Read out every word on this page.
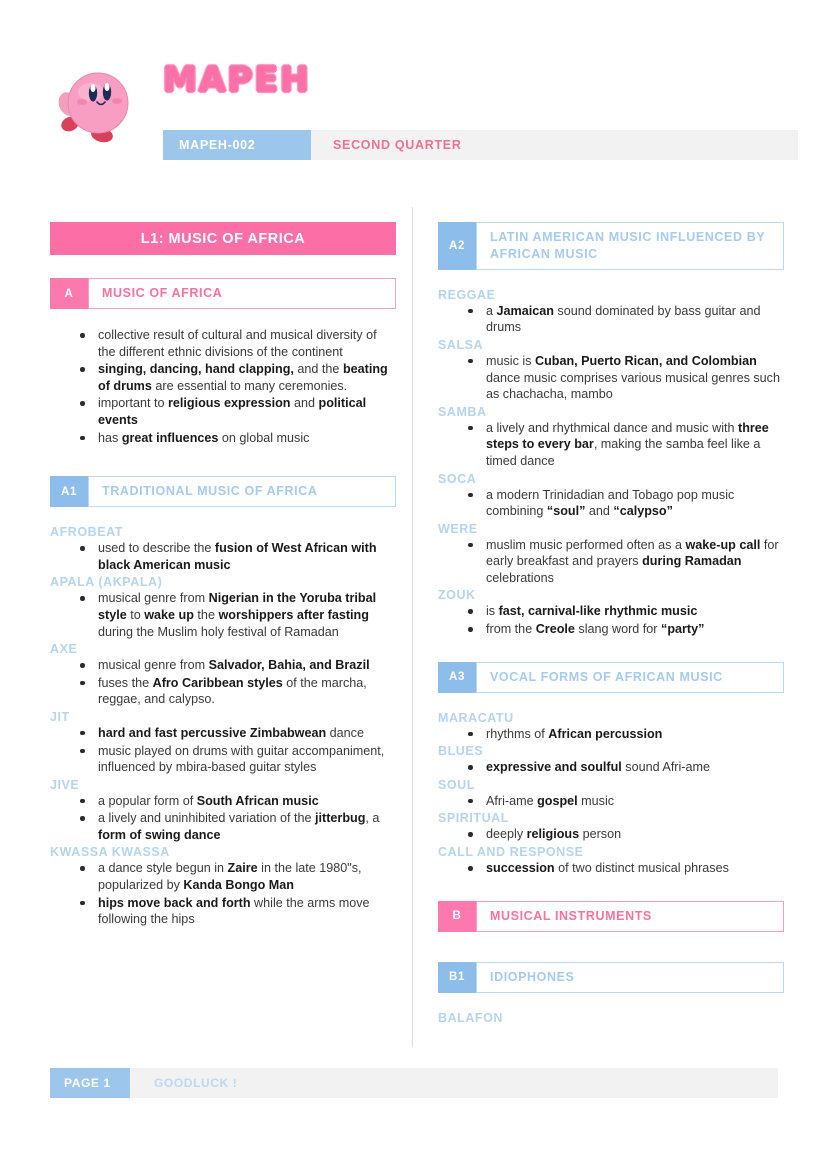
MAPEH
MAPEH-002	SECOND QUARTER
L1: MUSIC OF AFRICA
A	MUSIC OF AFRICA
collective result of cultural and musical diversity of the different ethnic divisions of the continent
singing, dancing, hand clapping, and the beating of drums are essential to many ceremonies.
important to religious expression and political events
has great influences on global music
A1	TRADITIONAL MUSIC OF AFRICA
AFROBEAT
used to describe the fusion of West African with black American music
APALA (AKPALA)
musical genre from Nigerian in the Yoruba tribal style to wake up the worshippers after fasting during the Muslim holy festival of Ramadan
AXE
musical genre from Salvador, Bahia, and Brazil
fuses the Afro Caribbean styles of the marcha, reggae, and calypso.
JIT
hard and fast percussive Zimbabwean dance
music played on drums with guitar accompaniment, influenced by mbira-based guitar styles
JIVE
a popular form of South African music
a lively and uninhibited variation of the jitterbug, a form of swing dance
KWASSA KWASSA
a dance style begun in Zaire in the late 1980"s, popularized by Kanda Bongo Man
hips move back and forth while the arms move following the hips
A2
LATIN AMERICAN MUSIC INFLUENCED BY AFRICAN MUSIC
REGGAE
a Jamaican sound dominated by bass guitar and drums
SALSA
music is Cuban, Puerto Rican, and Colombian dance music comprises various musical genres such as chachacha, mambo
SAMBA
a lively and rhythmical dance and music with three steps to every bar, making the samba feel like a timed dance
SOCA
a modern Trinidadian and Tobago pop music combining “soul” and “calypso”
WERE
muslim music performed often as a wake-up call for early breakfast and prayers during Ramadan celebrations
ZOUK
is fast, carnival-like rhythmic music
from the Creole slang word for “party”
A3	VOCAL FORMS OF AFRICAN MUSIC
MARACATU
rhythms of African percussion
BLUES
expressive and soulful sound Afri-ame
SOUL
Afri-ame gospel music
SPIRITUAL
deeply religious person
CALL AND RESPONSE
succession of two distinct musical phrases
B	MUSICAL INSTRUMENTS
B1	IDIOPHONES
BALAFON
PAGE 1	GOODLUCK !
